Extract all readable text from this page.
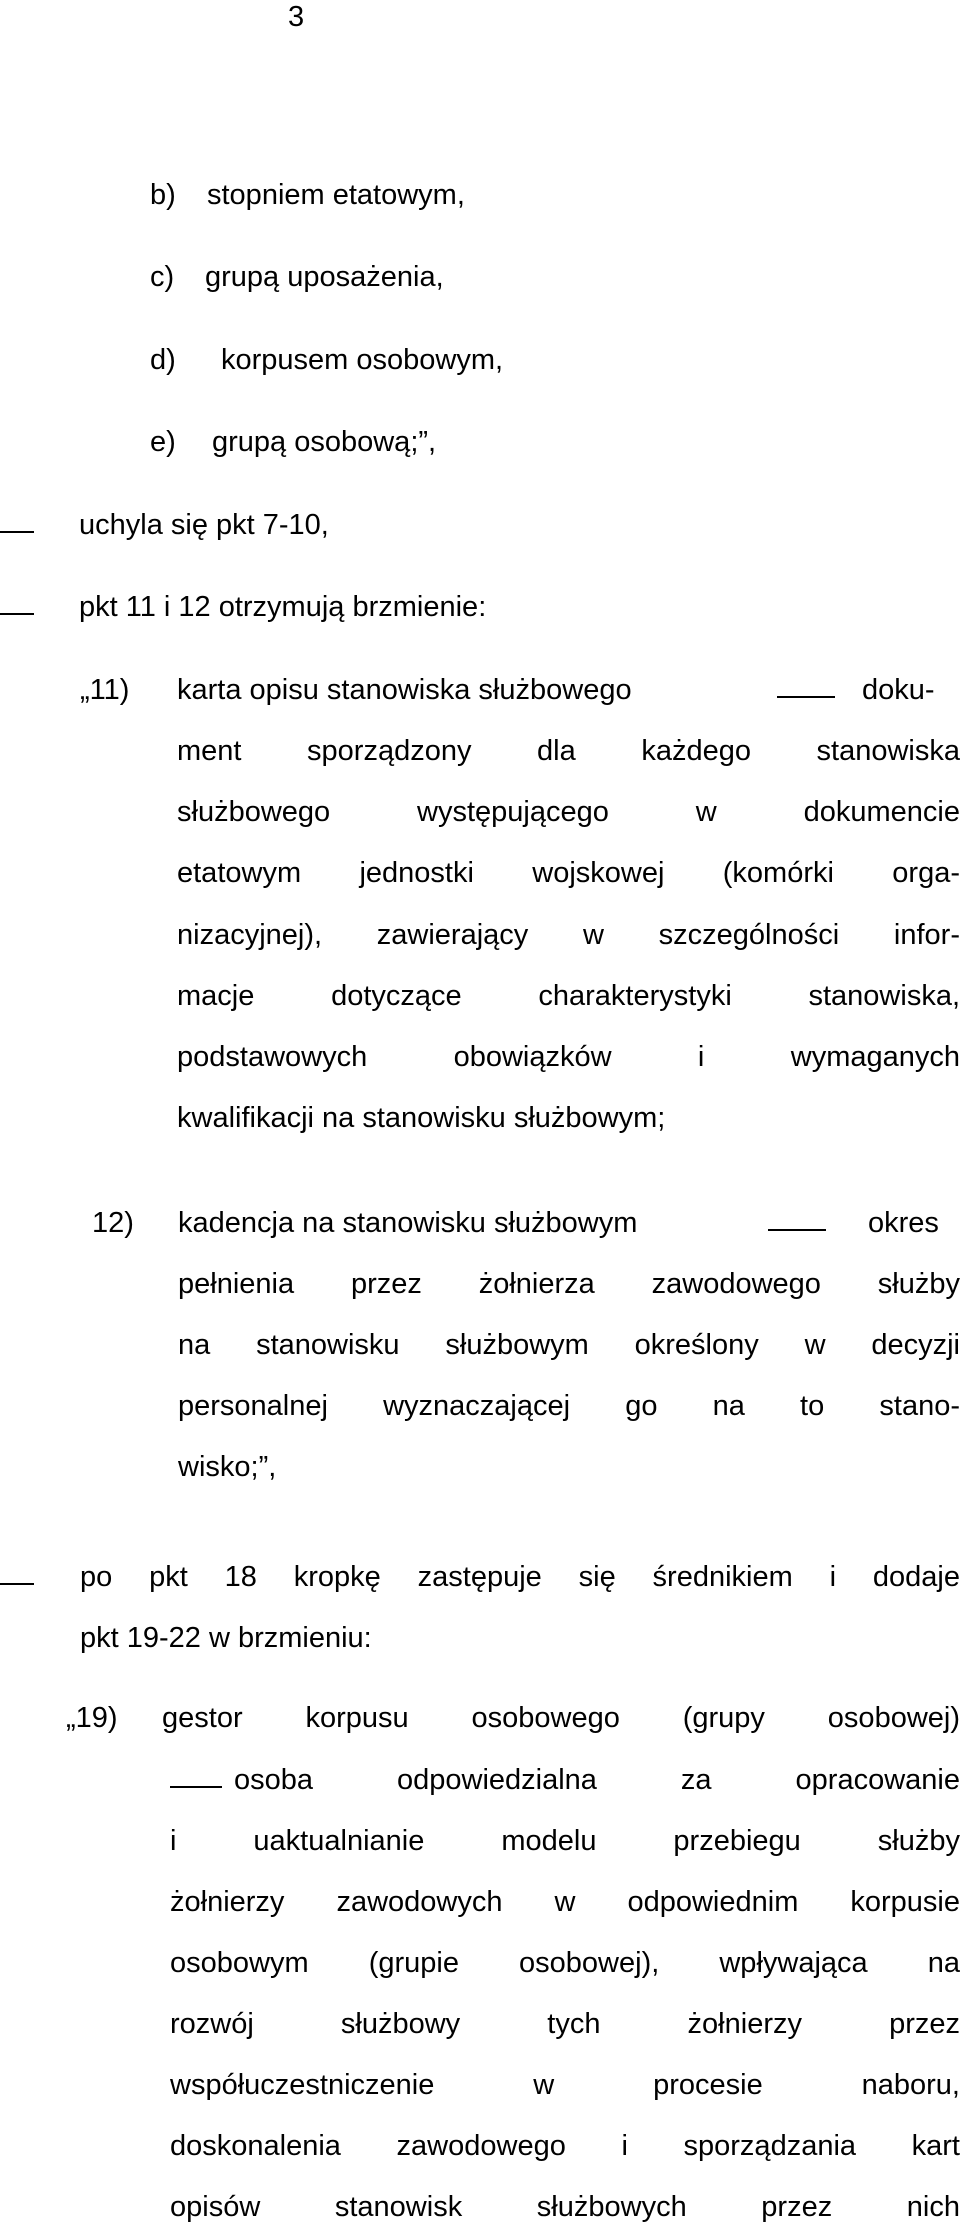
3
b) stopniem etatowym,
c) grupą uposażenia,
d) korpusem osobowym,
e) grupą osobową;”,
uchyla się pkt 7-10,
pkt 11 i 12 otrzymują brzmienie:
„11) karta opisu stanowiska służbowego	doku-
ment sporządzony dla każdego stanowiska
służbowego występującego w dokumencie
etatowym jednostki wojskowej (komórki orga-
nizacyjnej), zawierający w szczególności infor-
macje dotyczące charakterystyki stanowiska,
podstawowych obowiązków i wymaganych
kwalifikacji na stanowisku służbowym;
12) kadencja na stanowisku służbowym	okres
pełnienia przez żołnierza zawodowego służby
na stanowisku służbowym określony w decyzji
personalnej wyznaczającej go na to stano-
wisko;”,
po pkt 18 kropkę zastępuje się średnikiem i dodaje
pkt 19-22 w brzmieniu:
„19) gestor korpusu osobowego (grupy osobowej)
osoba odpowiedzialna za opracowanie
i uaktualnianie modelu przebiegu służby
żołnierzy zawodowych w odpowiednim korpusie
osobowym (grupie osobowej), wpływająca na
rozwój służbowy tych żołnierzy przez
współuczestniczenie w procesie naboru,
doskonalenia zawodowego i sporządzania kart
opisów stanowisk służbowych przez nich
